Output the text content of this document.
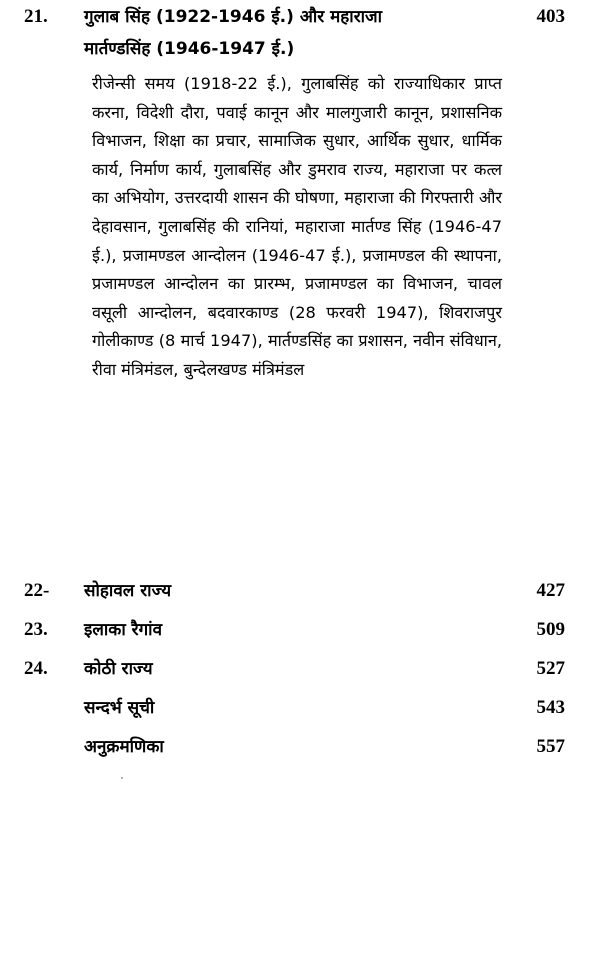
21. गुलाब सिंह (1922-1946 ई.) और महाराजा	403
मार्तण्डसिंह (1946-1947 ई.)

रीजेन्सी समय (1918-22 ई.), गुलाबसिंह को राज्याधिकार प्राप्त करना, विदेशी दौरा, पवाई कानून और मालगुजारी कानून, प्रशासनिक विभाजन, शिक्षा का प्रचार, सामाजिक सुधार, आर्थिक सुधार, धार्मिक कार्य, निर्माण कार्य, गुलाबसिंह और डुमराव राज्य, महाराजा पर कत्ल का अभियोग, उत्तरदायी शासन की घोषणा, महाराजा की गिरफ्तारी और देहावसान, गुलाबसिंह की रानियां, महाराजा मार्तण्ड सिंह (1946-47 ई.), प्रजामण्डल आन्दोलन (1946-47 ई.), प्रजामण्डल की स्थापना, प्रजामण्डल आन्दोलन का प्रारम्भ, प्रजामण्डल का विभाजन, चावल वसूली आन्दोलन, बदवारकाण्ड (28 फरवरी 1947), शिवराजपुर गोलीकाण्ड (8 मार्च 1947), मार्तण्डसिंह का प्रशासन, नवीन संविधान, रीवा मंत्रिमंडल, बुन्देलखण्ड मंत्रिमंडल

22- सोहावल राज्य	427
23. इलाका रैगांव	509
24. कोठी राज्य	527
सन्दर्भ सूची	543
अनुक्रमणिका	557
